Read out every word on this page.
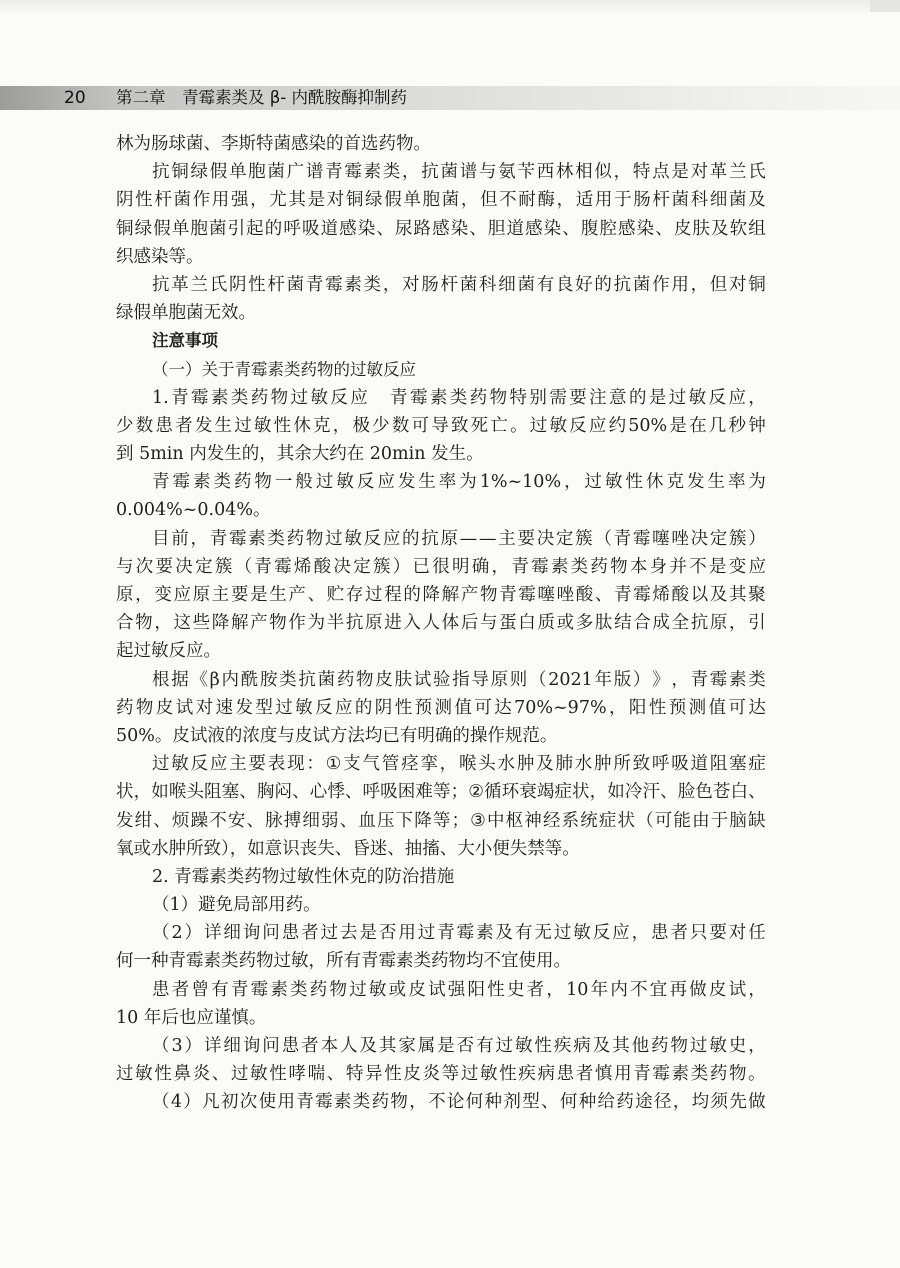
20 第二章　青霉素类及 β- 内酰胺酶抑制药
林为肠球菌、李斯特菌感染的首选药物。
抗 铜 绿 假 单 胞 菌 广 谱 青 霉 素 类 ， 抗 菌 谱 与 氨 苄 西 林 相 似 ， 特 点 是 对 革 兰 氏
阴 性 杆 菌 作 用 强 ， 尤 其 是 对 铜 绿 假 单 胞 菌 ， 但 不 耐 酶 ， 适 用 于 肠 杆 菌 科 细 菌 及
铜 绿 假 单 胞 菌 引 起 的 呼 吸 道 感 染 、 尿 路 感 染 、 胆 道 感 染 、 腹 腔 感 染 、 皮 肤 及 软 组
织感染等。
抗 革 兰 氏 阴 性 杆 菌 青 霉 素 类 ， 对 肠 杆 菌 科 细 菌 有 良 好 的 抗 菌 作 用 ， 但 对 铜
绿假单胞菌无效。
注意事项
（一）关于青霉素类药物的过敏反应
1. 青 霉 素 类 药 物 过 敏 反 应
　 青 霉 素 类 药 物 特 别 需 要 注 意 的 是 过 敏 反 应 ，
少 数 患 者 发 生 过 敏 性 休 克 ， 极 少 数 可 导 致 死 亡 。 过 敏 反 应 约 50% 是 在 几 秒 钟
到 5min 内发生的，其余大约在 20min 发生。
青 霉 素 类 药 物 一 般 过 敏 反 应 发 生 率 为 1%~10% ， 过 敏 性 休 克 发 生 率 为
0.004%~0.04%。
目 前 ， 青 霉 素 类 药 物 过 敏 反 应 的 抗 原 — — 主 要 决 定 簇 （ 青 霉 噻 唑 决 定 簇 ）
与 次 要 决 定 簇 （ 青 霉 烯 酸 决 定 簇 ） 已 很 明 确 ， 青 霉 素 类 药 物 本 身 并 不 是 变 应
原 ， 变 应 原 主 要 是 生 产 、 贮 存 过 程 的 降 解 产 物 青 霉 噻 唑 酸 、 青 霉 烯 酸 以 及 其 聚
合 物 ， 这 些 降 解 产 物 作 为 半 抗 原 进 入 人 体 后 与 蛋 白 质 或 多 肽 结 合 成 全 抗 原 ， 引
起过敏反应。
根 据 《 β 内 酰 胺 类 抗 菌 药 物 皮 肤 试 验 指 导 原 则 （ 2021 年 版 ） 》 ， 青 霉 素 类
药 物 皮 试 对 速 发 型 过 敏 反 应 的 阴 性 预 测 值 可 达 70%~97% ， 阳 性 预 测 值 可 达
50%。皮试液的浓度与皮试方法均已有明确的操作规范。
过 敏 反 应 主 要 表 现 ： ① 支 气 管 痉 挛 ， 喉 头 水 肿 及 肺 水 肿 所 致 呼 吸 道 阻 塞 症
状 ， 如 喉 头 阻 塞 、 胸 闷 、 心 悸 、 呼 吸 困 难 等 ； ② 循 环 衰 竭 症 状 ， 如 冷 汗 、 脸 色 苍 白 、
发 绀 、 烦 躁 不 安 、 脉 搏 细 弱 、 血 压 下 降 等 ； ③ 中 枢 神 经 系 统 症 状 （ 可 能 由 于 脑 缺
氧或水肿所致），如意识丧失、昏迷、抽搐、大小便失禁等。
2. 青霉素类药物过敏性休克的防治措施
（1）避免局部用药。
（ 2 ） 详 细 询 问 患 者 过 去 是 否 用 过 青 霉 素 及 有 无 过 敏 反 应 ， 患 者 只 要 对 任
何一种青霉素类药物过敏，所有青霉素类药物均不宜使用。
患 者 曾 有 青 霉 素 类 药 物 过 敏 或 皮 试 强 阳 性 史 者 ， 10 年 内 不 宜 再 做 皮 试 ，
10 年后也应谨慎。
（ 3 ） 详 细 询 问 患 者 本 人 及 其 家 属 是 否 有 过 敏 性 疾 病 及 其 他 药 物 过 敏 史 ，
过 敏 性 鼻 炎 、 过 敏 性 哮 喘 、 特 异 性 皮 炎 等 过 敏 性 疾 病 患 者 慎 用 青 霉 素 类 药 物 。
（ 4 ） 凡 初 次 使 用 青 霉 素 类 药 物 ， 不 论 何 种 剂 型 、 何 种 给 药 途 径 ， 均 须 先 做
